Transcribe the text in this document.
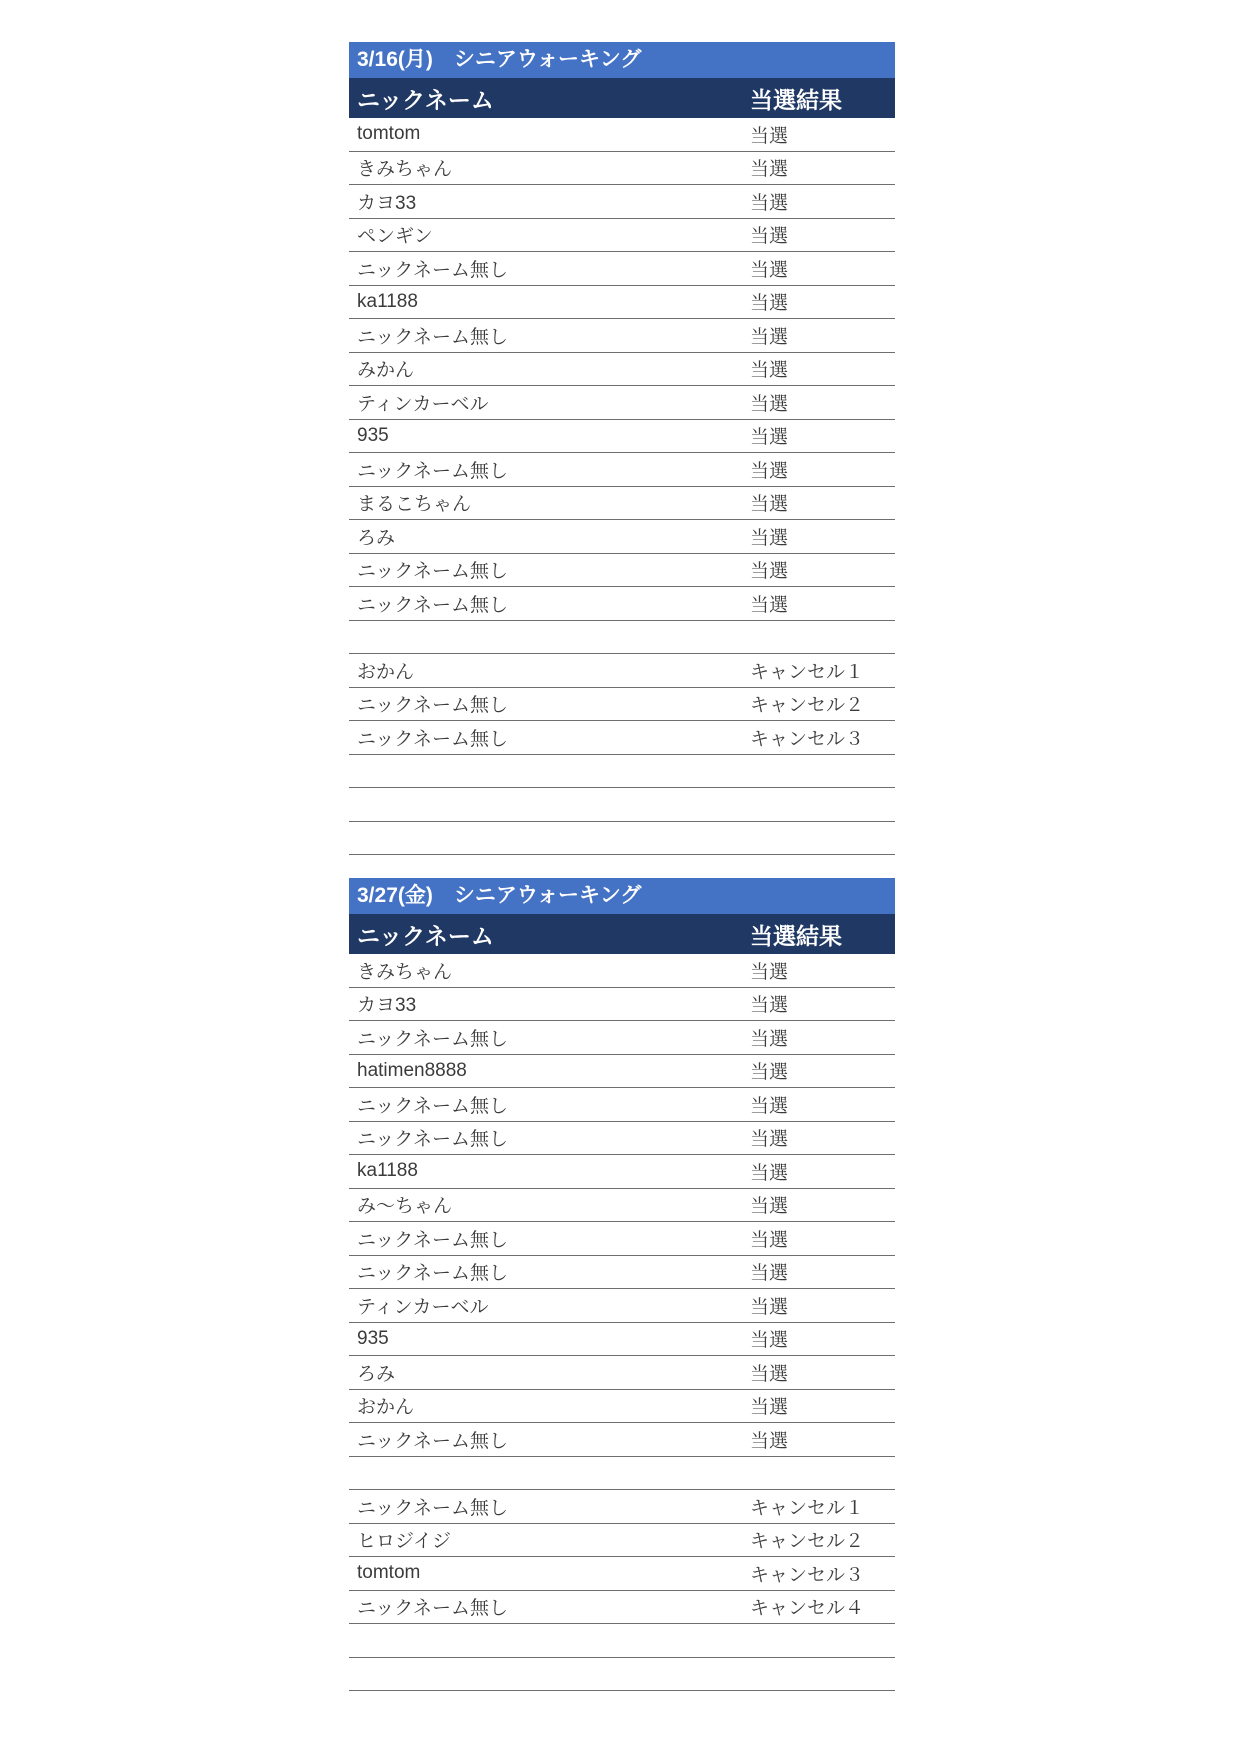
3/16(月)　シニアウォーキング
ニックネーム	当選結果
tomtom	当選
きみちゃん	当選
カヨ33	当選
ペンギン	当選
ニックネーム無し	当選
ka1188	当選
ニックネーム無し	当選
みかん	当選
ティンカーベル	当選
935	当選
ニックネーム無し	当選
まるこちゃん	当選
ろみ	当選
ニックネーム無し	当選
ニックネーム無し	当選
おかん	キャンセル１
ニックネーム無し	キャンセル２
ニックネーム無し	キャンセル３
3/27(金)　シニアウォーキング
ニックネーム	当選結果
きみちゃん	当選
カヨ33	当選
ニックネーム無し	当選
hatimen8888	当選
ニックネーム無し	当選
ニックネーム無し	当選
ka1188	当選
み～ちゃん	当選
ニックネーム無し	当選
ニックネーム無し	当選
ティンカーベル	当選
935	当選
ろみ	当選
おかん	当選
ニックネーム無し	当選
ニックネーム無し	キャンセル１
ヒロジイジ	キャンセル２
tomtom	キャンセル３
ニックネーム無し	キャンセル４
